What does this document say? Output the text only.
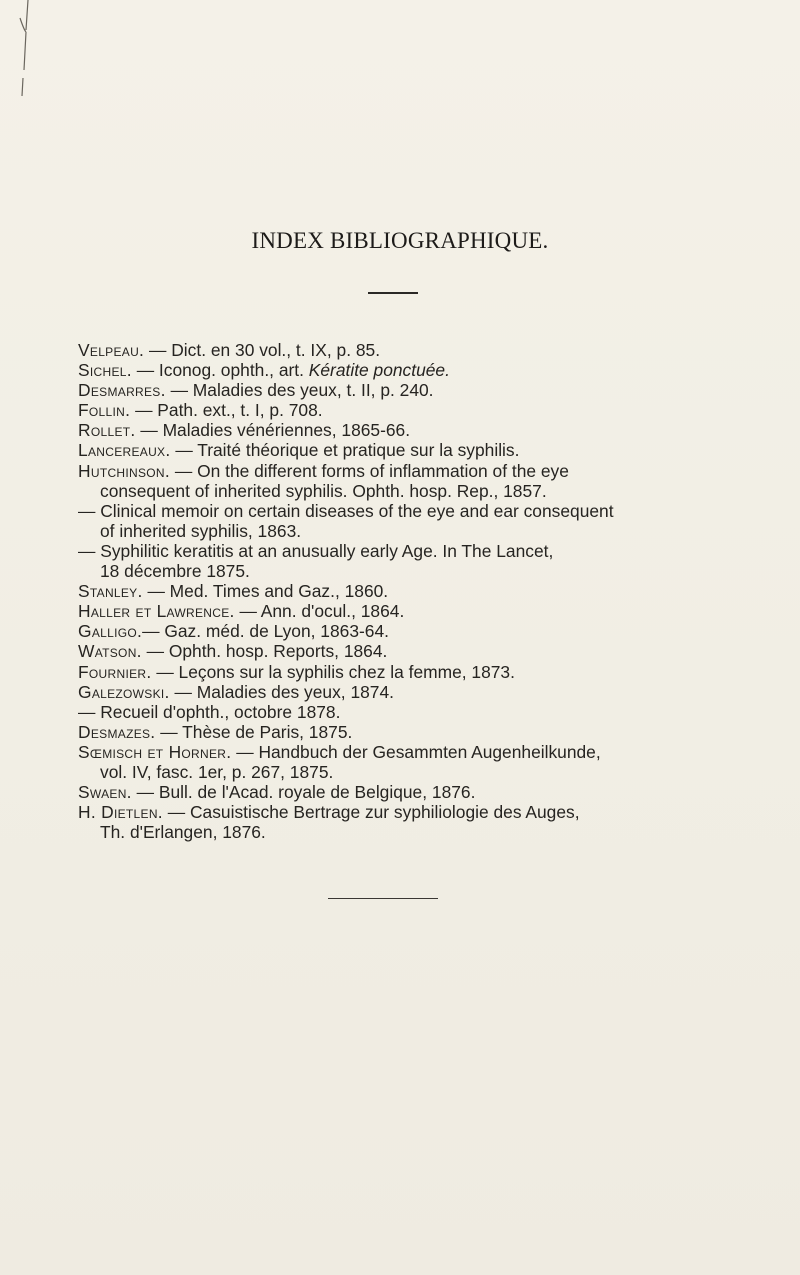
INDEX BIBLIOGRAPHIQUE.
Velpeau. — Dict. en 30 vol., t. IX, p. 85.
Sichel. — Iconog. ophth., art. Kératite ponctuée.
Desmarres. — Maladies des yeux, t. II, p. 240.
Follin. — Path. ext., t. I, p. 708.
Rollet. — Maladies vénériennes, 1865-66.
Lancereaux. — Traité théorique et pratique sur la syphilis.
Hutchinson. — On the different forms of inflammation of the eye
consequent of inherited syphilis. Ophth. hosp. Rep., 1857.
— Clinical memoir on certain diseases of the eye and ear consequent
of inherited syphilis, 1863.
— Syphilitic keratitis at an anusually early Age. In The Lancet,
18 décembre 1875.
Stanley. — Med. Times and Gaz., 1860.
Haller et Lawrence. — Ann. d'ocul., 1864.
Galligo.— Gaz. méd. de Lyon, 1863-64.
Watson. — Ophth. hosp. Reports, 1864.
Fournier. — Leçons sur la syphilis chez la femme, 1873.
Galezowski. — Maladies des yeux, 1874.
— Recueil d'ophth., octobre 1878.
Desmazes. — Thèse de Paris, 1875.
Sœmisch et Horner. — Handbuch der Gesammten Augenheilkunde,
vol. IV, fasc. 1er, p. 267, 1875.
Swaen. — Bull. de l'Acad. royale de Belgique, 1876.
H. Dietlen. — Casuistische Bertrage zur syphiliologie des Auges,
Th. d'Erlangen, 1876.
